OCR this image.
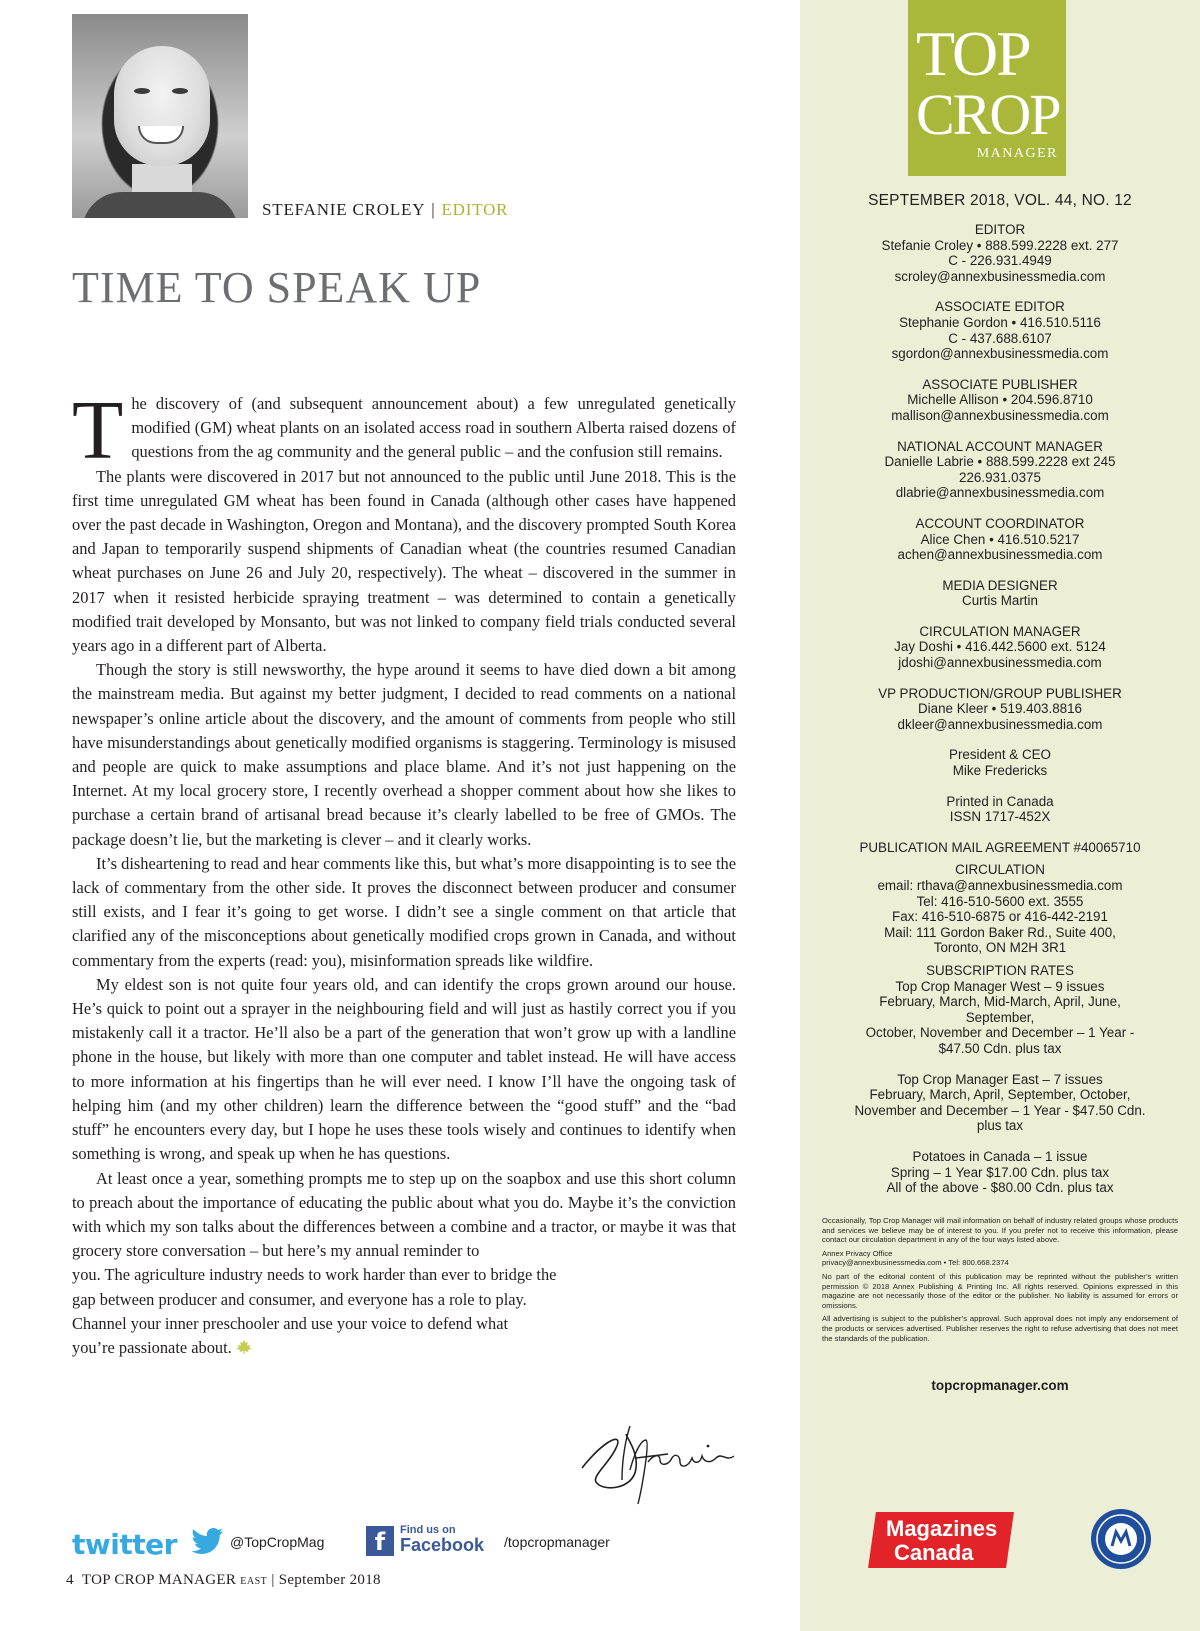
STEFANIE CROLEY | EDITOR
TIME TO SPEAK UP

The discovery of (and subsequent announcement about) a few unregulated genetically modified (GM) wheat plants on an isolated access road in southern Alberta raised dozens of questions from the ag community and the general public – and the confusion still remains.

The plants were discovered in 2017 but not announced to the public until June 2018. This is the first time unregulated GM wheat has been found in Canada (although other cases have happened over the past decade in Washington, Oregon and Montana), and the discovery prompted South Korea and Japan to temporarily suspend shipments of Canadian wheat (the countries resumed Canadian wheat purchases on June 26 and July 20, respectively). The wheat – discovered in the summer in 2017 when it resisted herbicide spraying treatment – was determined to contain a genetically modified trait developed by Monsanto, but was not linked to company field trials conducted several years ago in a different part of Alberta.

Though the story is still newsworthy, the hype around it seems to have died down a bit among the mainstream media. But against my better judgment, I decided to read comments on a national newspaper’s online article about the discovery, and the amount of comments from people who still have misunderstandings about genetically modified organisms is staggering. Terminology is misused and people are quick to make assumptions and place blame. And it’s not just happening on the Internet. At my local grocery store, I recently overhead a shopper comment about how she likes to purchase a certain brand of artisanal bread because it’s clearly labelled to be free of GMOs. The package doesn’t lie, but the marketing is clever – and it clearly works.

It’s disheartening to read and hear comments like this, but what’s more disappointing is to see the lack of commentary from the other side. It proves the disconnect between producer and consumer still exists, and I fear it’s going to get worse. I didn’t see a single comment on that article that clarified any of the misconceptions about genetically modified crops grown in Canada, and without commentary from the experts (read: you), misinformation spreads like wildfire.

My eldest son is not quite four years old, and can identify the crops grown around our house. He’s quick to point out a sprayer in the neighbouring field and will just as hastily correct you if you mistakenly call it a tractor. He’ll also be a part of the generation that won’t grow up with a landline phone in the house, but likely with more than one computer and tablet instead. He will have access to more information at his fingertips than he will ever need. I know I’ll have the ongoing task of helping him (and my other children) learn the difference between the “good stuff” and the “bad stuff” he encounters every day, but I hope he uses these tools wisely and continues to identify when something is wrong, and speak up when he has questions.

At least once a year, something prompts me to step up on the soapbox and use this short column to preach about the importance of educating the public about what you do. Maybe it’s the conviction with which my son talks about the differences between a combine and a tractor, or maybe it was that grocery store conversation – but here’s my annual reminder to

you. The agriculture industry needs to work harder than ever to bridge the
gap between producer and consumer, and everyone has a role to play.
Channel your inner preschooler and use your voice to defend what
you’re passionate about.
twitter	@TopCropMag	f	Find us on
Facebook /topcropmanager
4 TOP CROP MANAGER EAST | September 2018
TOP
CROP
MANAGER
SEPTEMBER 2018, VOL. 44, NO. 12
EDITOR
Stefanie Croley • 888.599.2228 ext. 277
C - 226.931.4949
scroley@annexbusinessmedia.com
ASSOCIATE EDITOR
Stephanie Gordon • 416.510.5116
C - 437.688.6107
sgordon@annexbusinessmedia.com
ASSOCIATE PUBLISHER
Michelle Allison • 204.596.8710
mallison@annexbusinessmedia.com
NATIONAL ACCOUNT MANAGER
Danielle Labrie • 888.599.2228 ext 245
226.931.0375
dlabrie@annexbusinessmedia.com
ACCOUNT COORDINATOR
Alice Chen • 416.510.5217
achen@annexbusinessmedia.com
MEDIA DESIGNER
Curtis Martin
CIRCULATION MANAGER
Jay Doshi • 416.442.5600 ext. 5124
jdoshi@annexbusinessmedia.com
VP PRODUCTION/GROUP PUBLISHER
Diane Kleer • 519.403.8816
dkleer@annexbusinessmedia.com
President & CEO
Mike Fredericks
Printed in Canada
ISSN 1717-452X
PUBLICATION MAIL AGREEMENT #40065710
CIRCULATION
email: rthava@annexbusinessmedia.com
Tel: 416-510-5600 ext. 3555
Fax: 416-510-6875 or 416-442-2191
Mail: 111 Gordon Baker Rd., Suite 400,
Toronto, ON M2H 3R1
SUBSCRIPTION RATES
Top Crop Manager West – 9 issues
February, March, Mid-March, April, June,
September,
October, November and December – 1 Year -
$47.50 Cdn. plus tax
Top Crop Manager East – 7 issues
February, March, April, September, October,
November and December – 1 Year - $47.50 Cdn.
plus tax
Potatoes in Canada – 1 issue
Spring – 1 Year $17.00 Cdn. plus tax
All of the above - $80.00 Cdn. plus tax

Occasionally, Top Crop Manager will mail information on behalf of industry related groups whose products and services we believe may be of interest to you. If you prefer not to receive this information, please contact our circulation department in any of the four ways listed above.

Annex Privacy Office
privacy@annexbusinessmedia.com • Tel: 800.668.2374

No part of the editorial content of this publication may be reprinted without the publisher’s written permission © 2018 Annex Publishing & Printing Inc. All rights reserved. Opinions expressed in this magazine are not necessarily those of the editor or the publisher. No liability is assumed for errors or omissions.

All advertising is subject to the publisher’s approval. Such approval does not imply any endorsement of the products or services advertised. Publisher reserves the right to refuse advertising that does not meet the standards of the publication.

topcropmanager.com
Magazines
Canada
